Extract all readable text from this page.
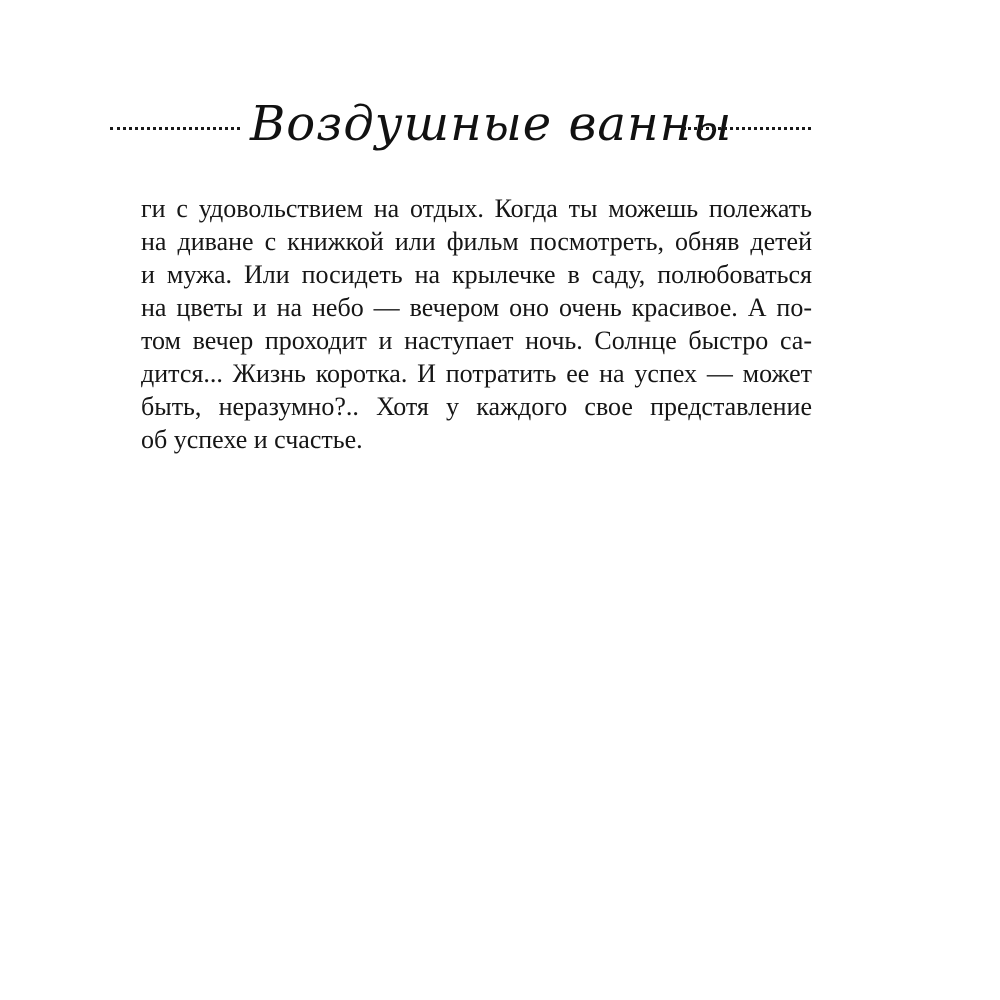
Воздушные ванны
ги с удовольствием на отдых. Когда ты можешь полежать
на диване с книжкой или фильм посмотреть, обняв детей
и мужа. Или посидеть на крылечке в саду, полюбоваться
на цветы и на небо — вечером оно очень красивое. А по-
том вечер проходит и наступает ночь. Солнце быстро са-
дится... Жизнь коротка. И потратить ее на успех — может
быть, неразумно?.. Хотя у каждого свое представление
об успехе и счастье.
